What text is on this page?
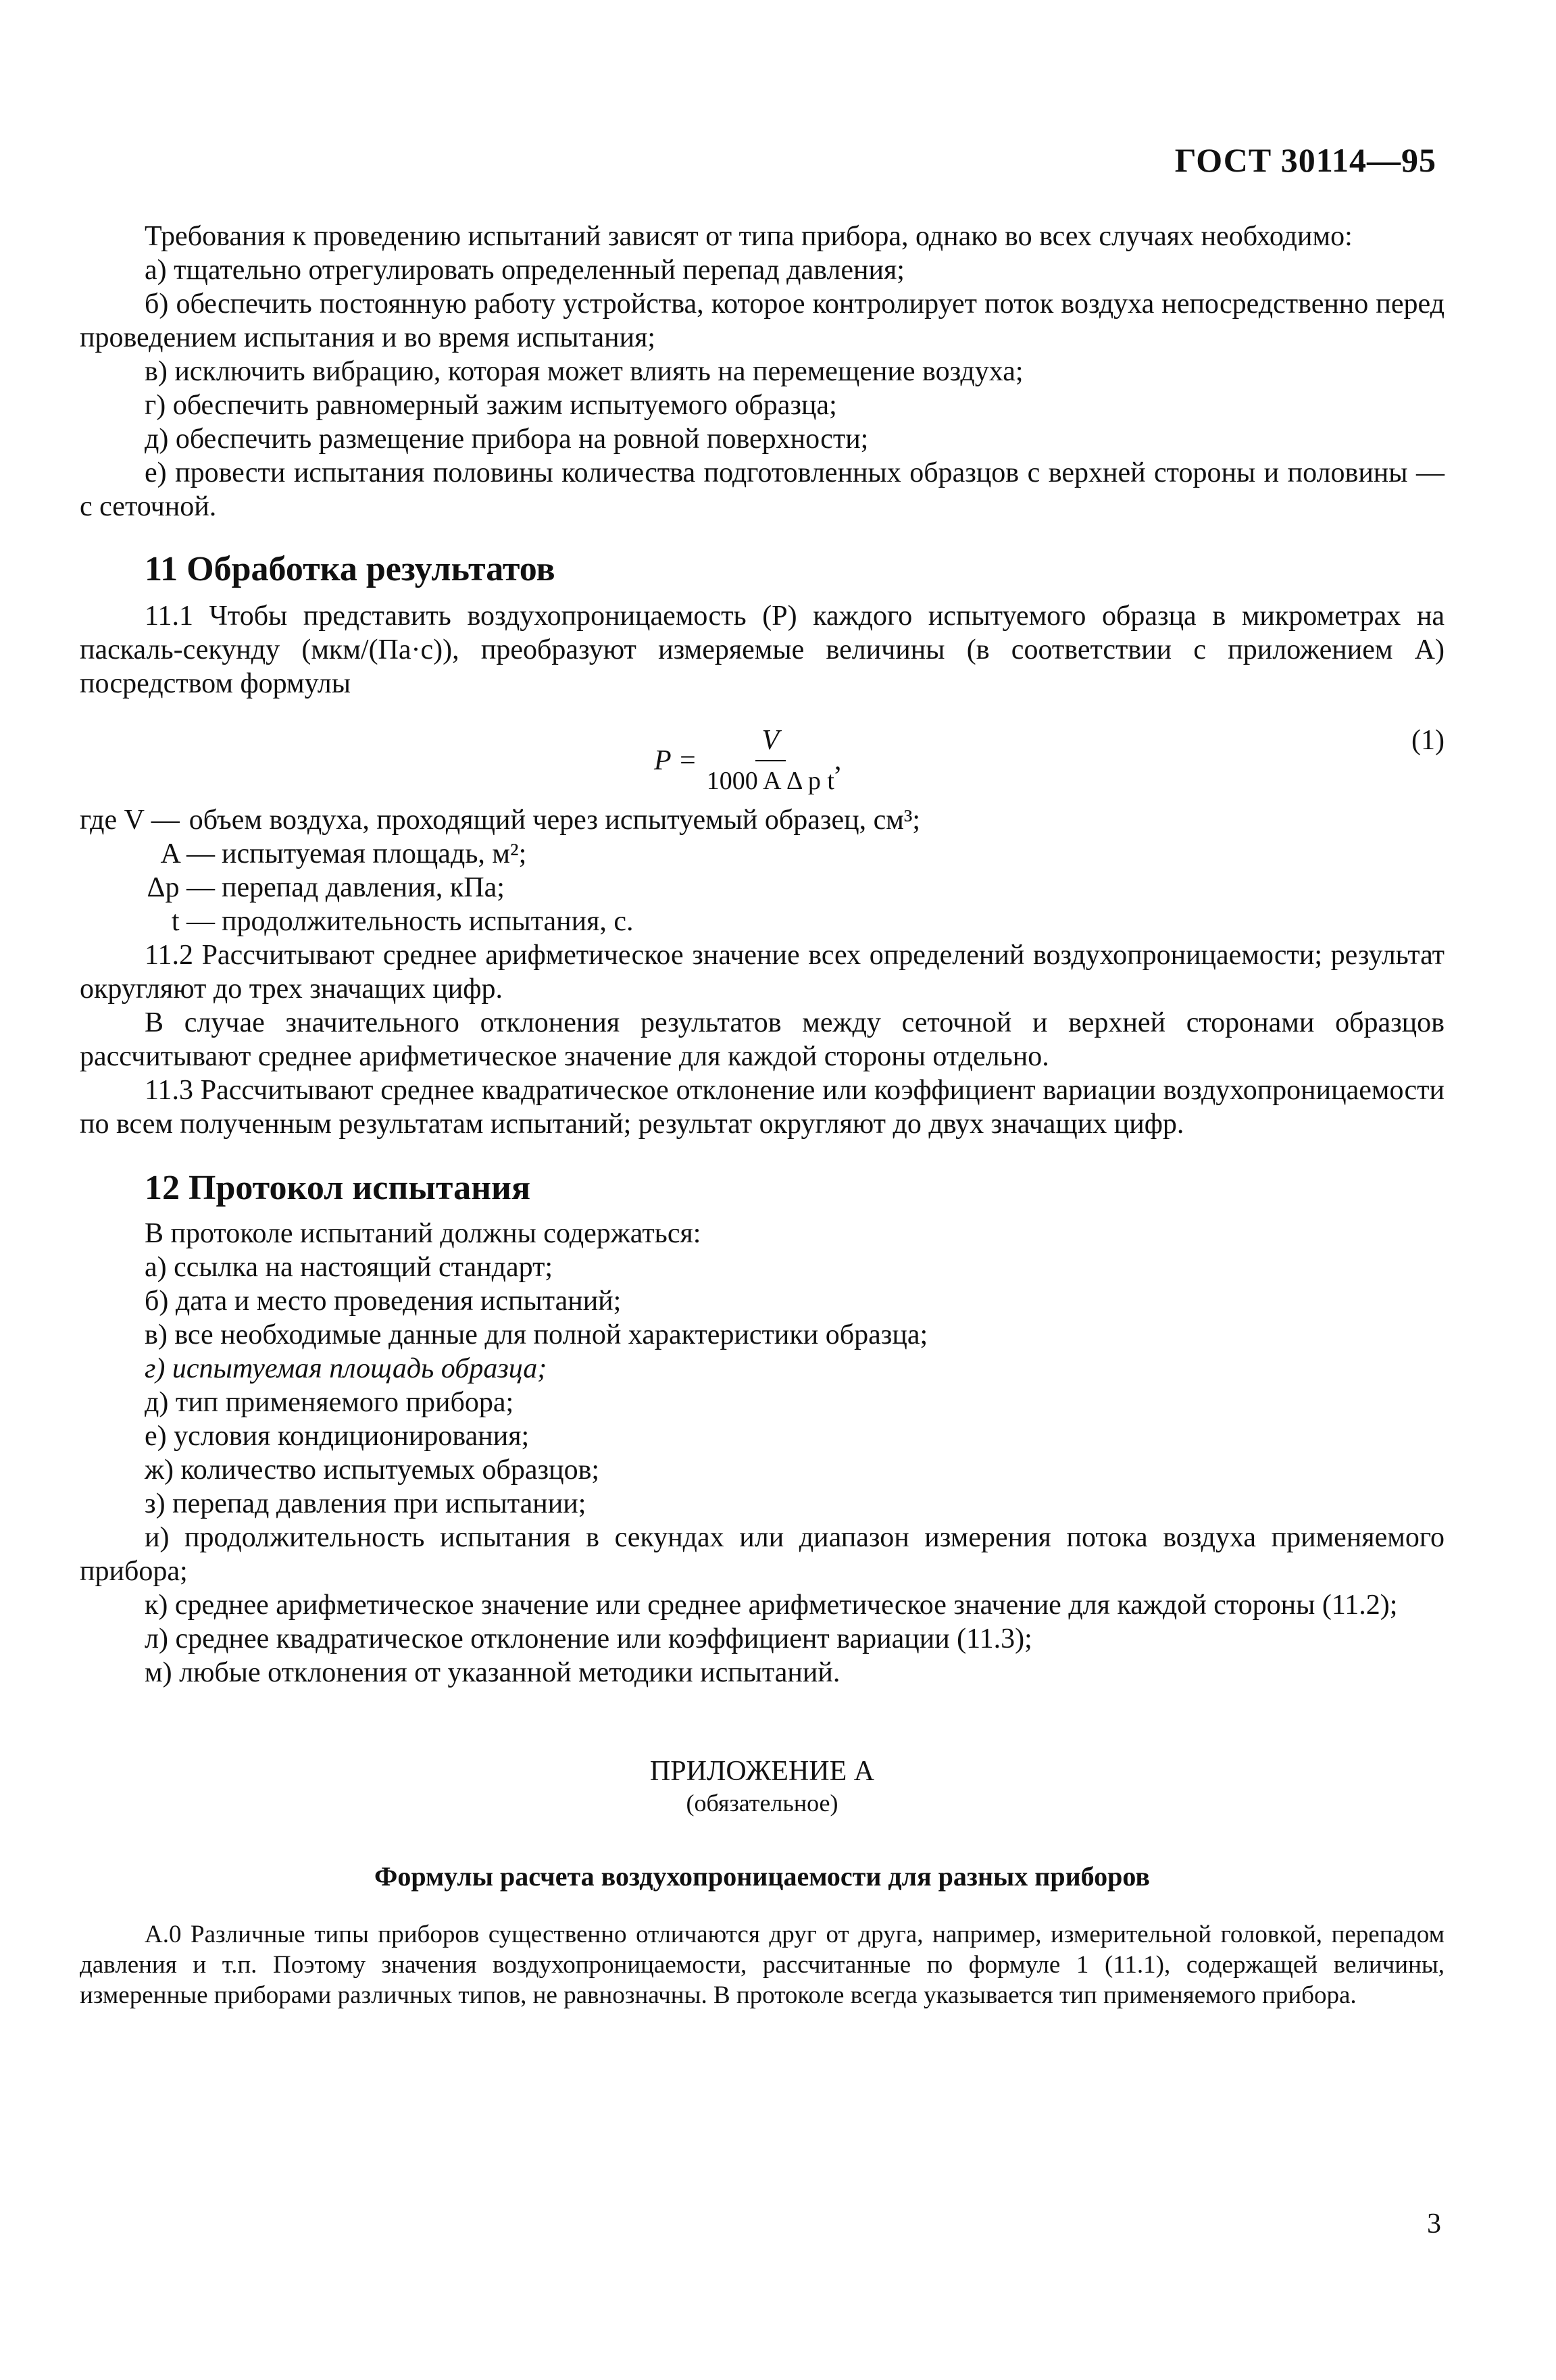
ГОСТ 30114—95

Требования к проведению испытаний зависят от типа прибора, однако во всех случаях необходимо:

а) тщательно отрегулировать определенный перепад давления;

б) обеспечить постоянную работу устройства, которое контролирует поток воздуха непосредственно перед проведением испытания и во время испытания;

в) исключить вибрацию, которая может влиять на перемещение воздуха;

г) обеспечить равномерный зажим испытуемого образца;

д) обеспечить размещение прибора на ровной поверхности;

е) провести испытания половины количества подготовленных образцов с верхней стороны и половины — с сеточной.

11 Обработка результатов

11.1 Чтобы представить воздухопроницаемость (P) каждого испытуемого образца в микрометрах на паскаль-секунду (мкм/(Па·с)), преобразуют измеряемые величины (в соответствии с приложением А) посредством формулы

$P = \frac{V}{\text{1000 A Δ p t}}$ ,
(1)
где V — объем воздуха, проходящий через испытуемый образец, см³;
A — испытуемая площадь, м²;
Δp — перепад давления, кПа;
t — продолжительность испытания, с.

11.2 Рассчитывают среднее арифметическое значение всех определений воздухопроницаемости; результат округляют до трех значащих цифр.

В случае значительного отклонения результатов между сеточной и верхней сторонами образцов рассчитывают среднее арифметическое значение для каждой стороны отдельно.

11.3 Рассчитывают среднее квадратическое отклонение или коэффициент вариации воздухопроницаемости по всем полученным результатам испытаний; результат округляют до двух значащих цифр.

12 Протокол испытания

В протоколе испытаний должны содержаться:

а) ссылка на настоящий стандарт;

б) дата и место проведения испытаний;

в) все необходимые данные для полной характеристики образца;

г) испытуемая площадь образца;

д) тип применяемого прибора;

е) условия кондиционирования;

ж) количество испытуемых образцов;

з) перепад давления при испытании;

и) продолжительность испытания в секундах или диапазон измерения потока воздуха применяемого прибора;

к) среднее арифметическое значение или среднее арифметическое значение для каждой стороны (11.2);

л) среднее квадратическое отклонение или коэффициент вариации (11.3);

м) любые отклонения от указанной методики испытаний.

ПРИЛОЖЕНИЕ А
(обязательное)
Формулы расчета воздухопроницаемости для разных приборов

А.0 Различные типы приборов существенно отличаются друг от друга, например, измерительной головкой, перепадом давления и т.п. Поэтому значения воздухопроницаемости, рассчитанные по формуле 1 (11.1), содержащей величины, измеренные приборами различных типов, не равнозначны. В протоколе всегда указывается тип применяемого прибора.

3
